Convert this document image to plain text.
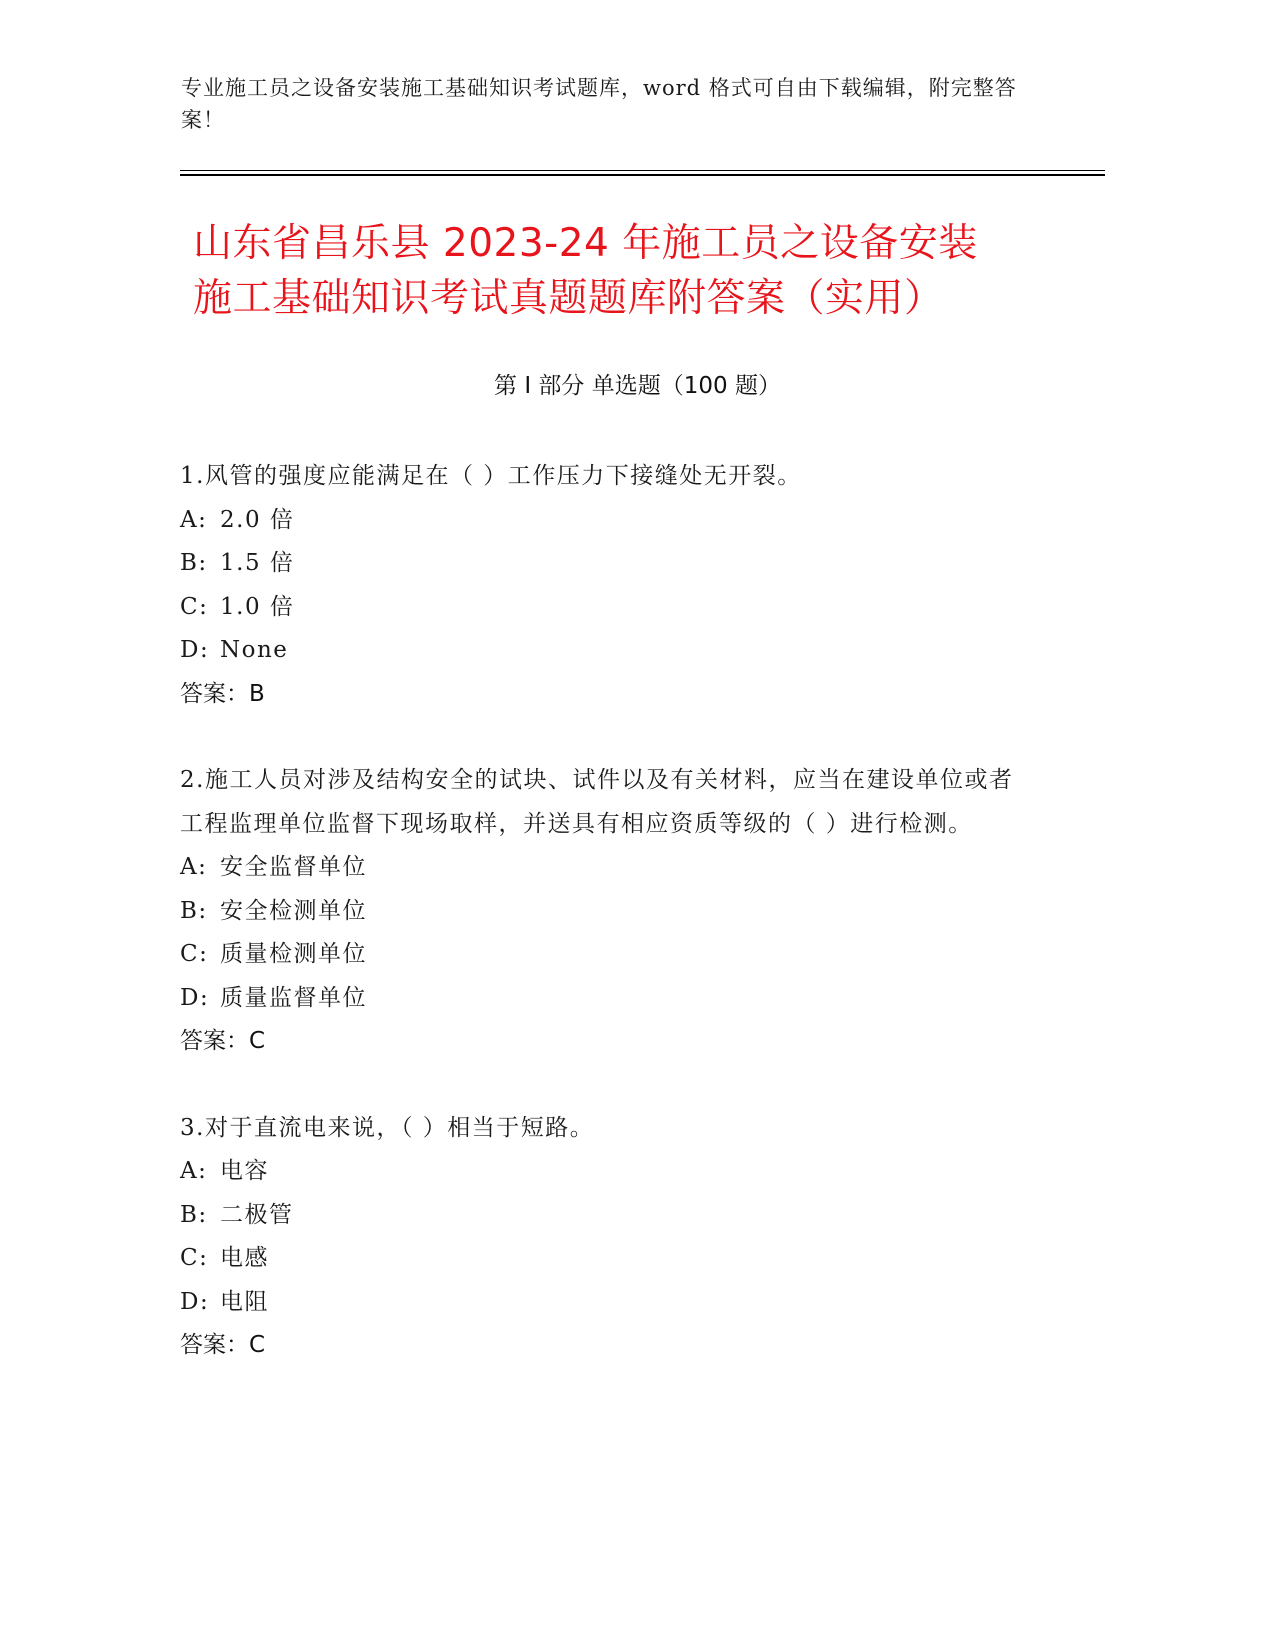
专业施工员之设备安装施工基础知识考试题库，word 格式可自由下载编辑，附完整答案！
山东省昌乐县 2023-24 年施工员之设备安装
施工基础知识考试真题题库附答案（实用）
第 I 部分 单选题（100 题）
1.风管的强度应能满足在（ ）工作压力下接缝处无开裂。
A: 2.0 倍
B: 1.5 倍
C: 1.0 倍
D: None
答案：B
2.施工人员对涉及结构安全的试块、试件以及有关材料，应当在建设单位或者工程监理单位监督下现场取样，并送具有相应资质等级的（ ）进行检测。
A: 安全监督单位
B: 安全检测单位
C: 质量检测单位
D: 质量监督单位
答案：C
3.对于直流电来说，（ ）相当于短路。
A: 电容
B: 二极管
C: 电感
D: 电阻
答案：C
